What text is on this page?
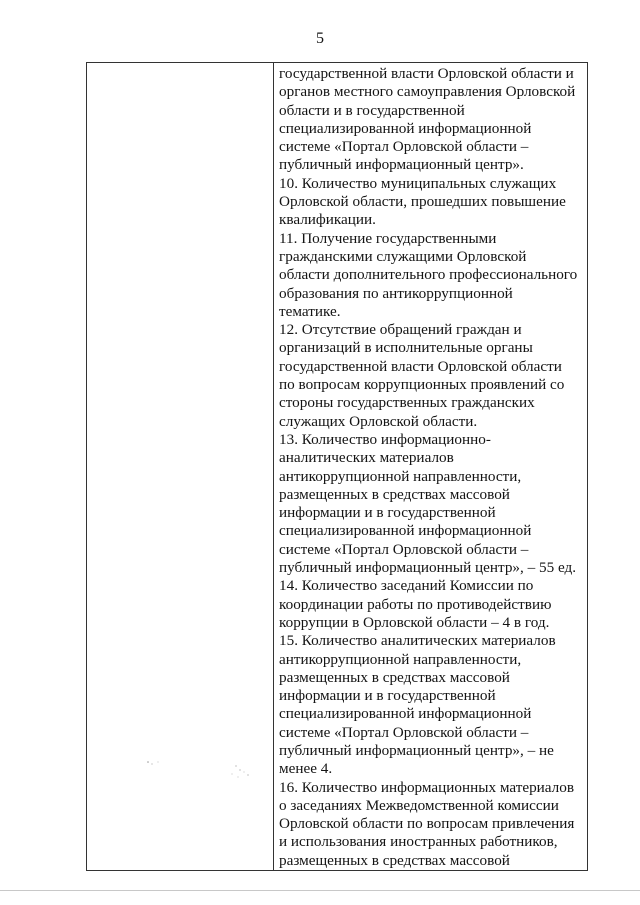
5

государственной власти Орловской области и
органов местного самоуправления Орловской
области и в государственной
специализированной информационной
системе «Портал Орловской области –
публичный информационный центр».
10. Количество муниципальных служащих
Орловской области, прошедших повышение
квалификации.
11. Получение государственными
гражданскими служащими Орловской
области дополнительного профессионального
образования по антикоррупционной
тематике.
12. Отсутствие обращений граждан и
организаций в исполнительные органы
государственной власти Орловской области
по вопросам коррупционных проявлений со
стороны государственных гражданских
служащих Орловской области.
13. Количество информационно-
аналитических материалов
антикоррупционной направленности,
размещенных в средствах массовой
информации и в государственной
специализированной информационной
системе «Портал Орловской области –
публичный информационный центр», – 55 ед.
14. Количество заседаний Комиссии по
координации работы по противодействию
коррупции в Орловской области – 4 в год.
15. Количество аналитических материалов
антикоррупционной направленности,
размещенных в средствах массовой
информации и в государственной
специализированной информационной
системе «Портал Орловской области –
публичный информационный центр», – не
менее 4.
16. Количество информационных материалов
о заседаниях Межведомственной комиссии
Орловской области по вопросам привлечения
и использования иностранных работников,
размещенных в средствах массовой
